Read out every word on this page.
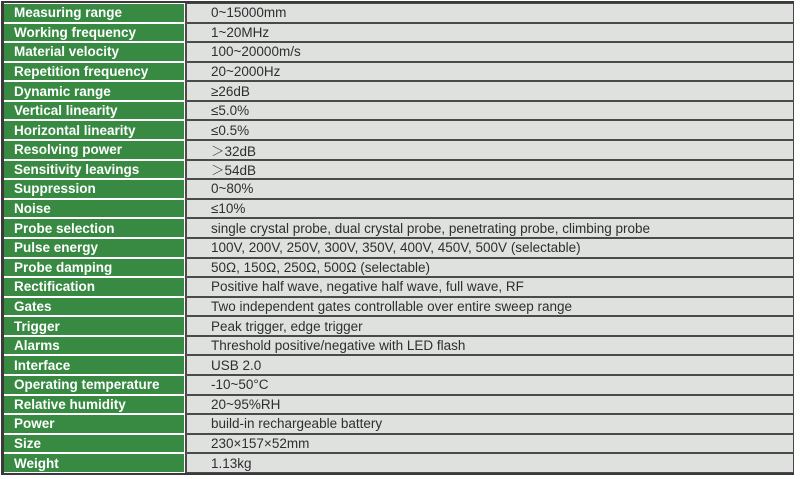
Measuring range	0~15000mm
Working frequency	1~20MHz
Material velocity	100~20000m/s
Repetition frequency	20~2000Hz
Dynamic range	≥26dB
Vertical linearity	≤5.0%
Horizontal linearity	≤0.5%
Resolving power	＞32dB
Sensitivity leavings	＞54dB
Suppression	0~80%
Noise	≤10%
Probe selection	single crystal probe, dual crystal probe, penetrating probe, climbing probe
Pulse energy	100V, 200V, 250V, 300V, 350V, 400V, 450V, 500V (selectable)
Probe damping	50Ω, 150Ω, 250Ω, 500Ω (selectable)
Rectification	Positive half wave, negative half wave, full wave, RF
Gates	Two independent gates controllable over entire sweep range
Trigger	Peak trigger, edge trigger
Alarms	Threshold positive/negative with LED flash
Interface	USB 2.0
Operating temperature	-10~50°C
Relative humidity	20~95%RH
Power	build-in rechargeable battery
Size	230×157×52mm
Weight	1.13kg
